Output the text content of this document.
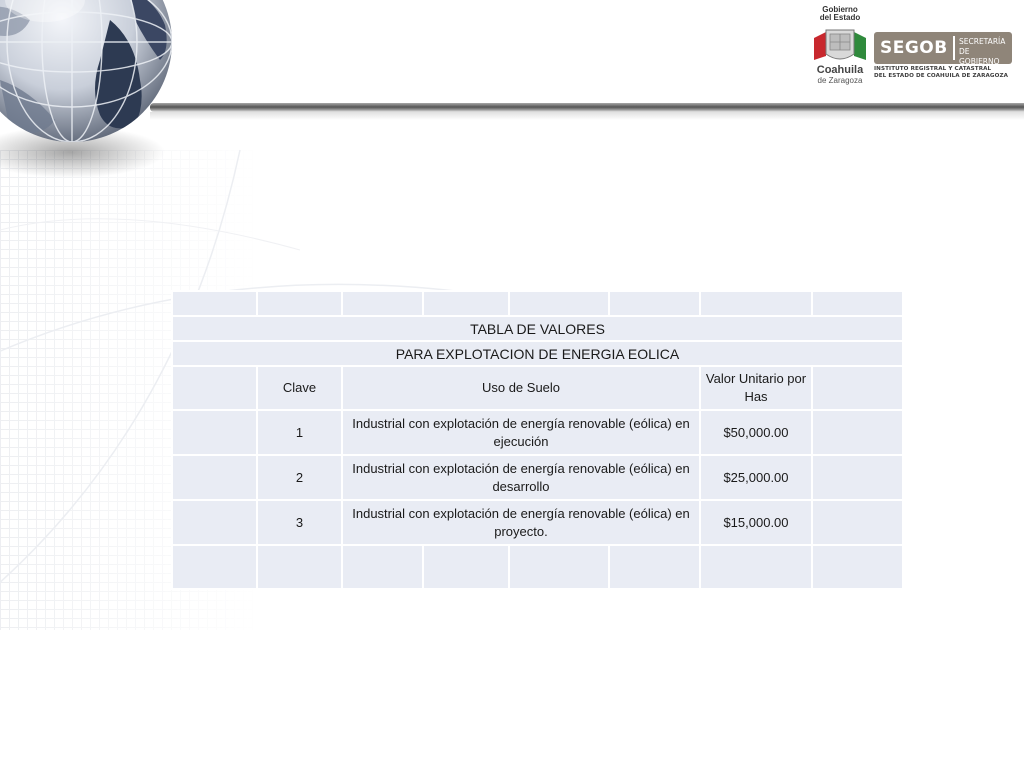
Gobierno
del Estado
Coahuila
de Zaragoza
SEGOB	SECRETARÍA
DE GOBIERNO
INSTITUTO REGISTRAL Y CATASTRAL
DEL ESTADO DE COAHUILA DE ZARAGOZA

TABLA DE VALORES							
PARA EXPLOTACION DE ENERGIA EOLICA							
	Clave	Uso de Suelo				Valor Unitario por Has	
	1	Industrial con explotación de energía renovable (eólica) en ejecución				$50,000.00	
	2	Industrial con explotación de energía renovable (eólica) en desarrollo				$25,000.00	
	3	Industrial con explotación de energía renovable (eólica) en proyecto.				$15,000.00	
